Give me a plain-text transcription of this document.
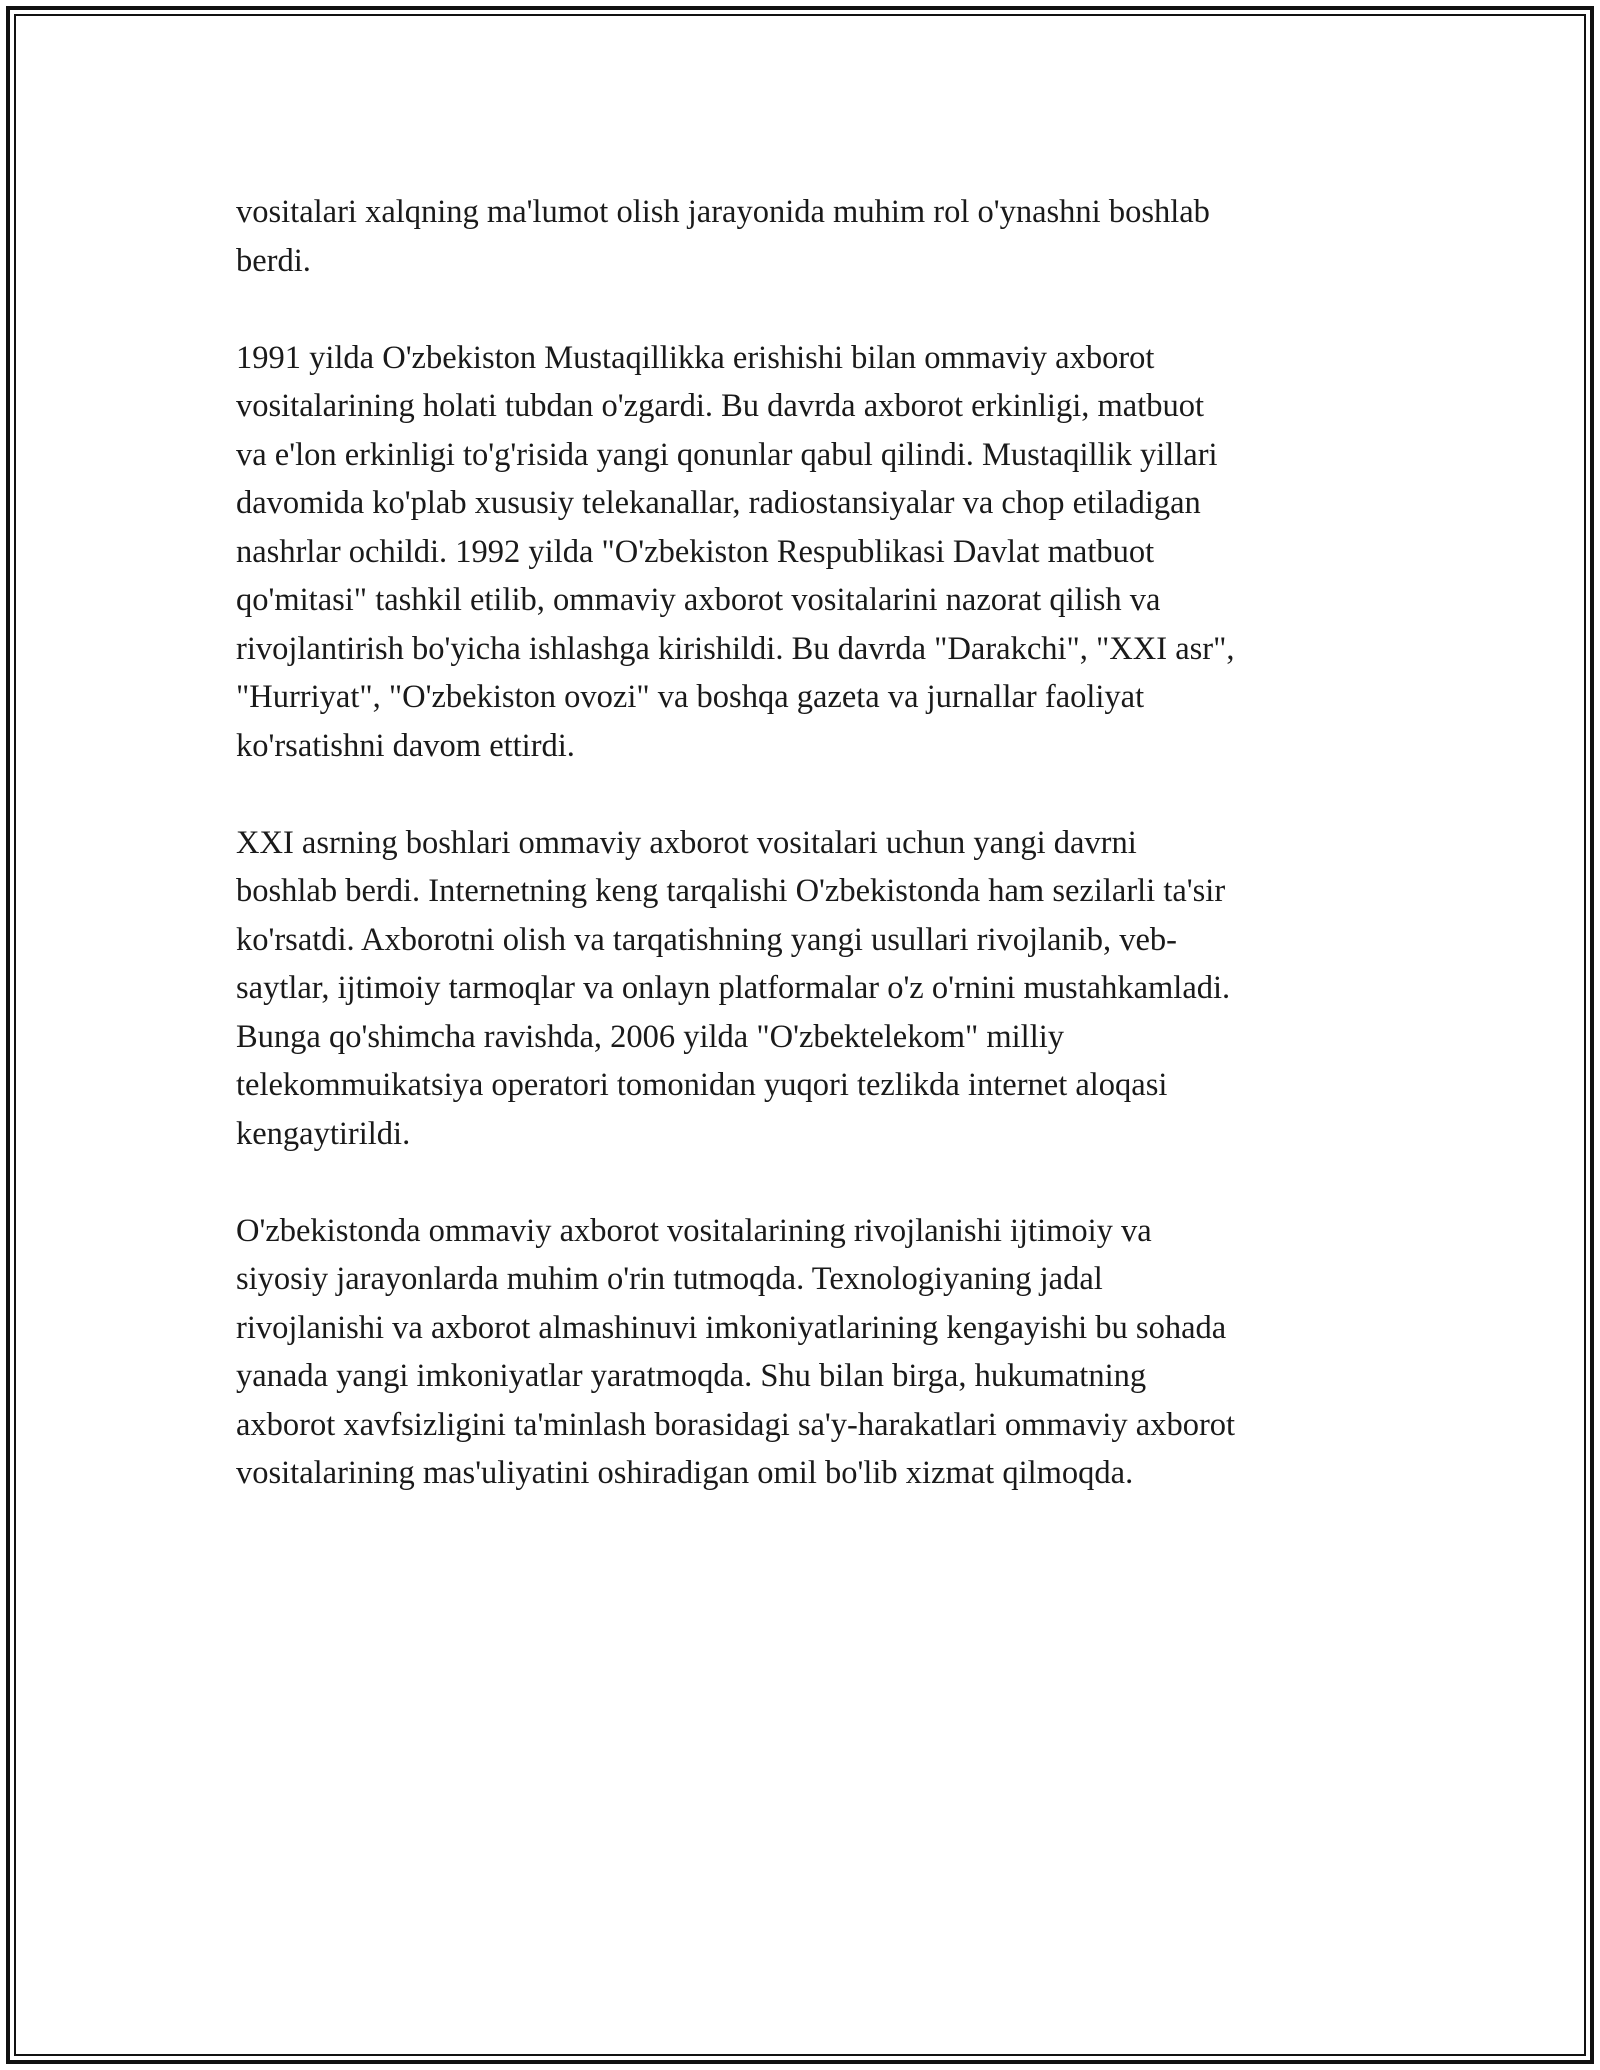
vositalari xalqning ma'lumot olish jarayonida muhim rol o'ynashni boshlab
berdi.

1991 yilda O'zbekiston Mustaqillikka erishishi bilan ommaviy axborot
vositalarining holati tubdan o'zgardi. Bu davrda axborot erkinligi, matbuot
va e'lon erkinligi to'g'risida yangi qonunlar qabul qilindi. Mustaqillik yillari
davomida ko'plab xususiy telekanallar, radiostansiyalar va chop etiladigan
nashrlar ochildi. 1992 yilda "O'zbekiston Respublikasi Davlat matbuot
qo'mitasi" tashkil etilib, ommaviy axborot vositalarini nazorat qilish va
rivojlantirish bo'yicha ishlashga kirishildi. Bu davrda "Darakchi", "XXI asr",
"Hurriyat", "O'zbekiston ovozi" va boshqa gazeta va jurnallar faoliyat
ko'rsatishni davom ettirdi.

XXI asrning boshlari ommaviy axborot vositalari uchun yangi davrni
boshlab berdi. Internetning keng tarqalishi O'zbekistonda ham sezilarli ta'sir
ko'rsatdi. Axborotni olish va tarqatishning yangi usullari rivojlanib, veb-
saytlar, ijtimoiy tarmoqlar va onlayn platformalar o'z o'rnini mustahkamladi.
Bunga qo'shimcha ravishda, 2006 yilda "O'zbektelekom" milliy
telekommuikatsiya operatori tomonidan yuqori tezlikda internet aloqasi
kengaytirildi.

O'zbekistonda ommaviy axborot vositalarining rivojlanishi ijtimoiy va
siyosiy jarayonlarda muhim o'rin tutmoqda. Texnologiyaning jadal
rivojlanishi va axborot almashinuvi imkoniyatlarining kengayishi bu sohada
yanada yangi imkoniyatlar yaratmoqda. Shu bilan birga, hukumatning
axborot xavfsizligini ta'minlash borasidagi sa'y-harakatlari ommaviy axborot
vositalarining mas'uliyatini oshiradigan omil bo'lib xizmat qilmoqda.
